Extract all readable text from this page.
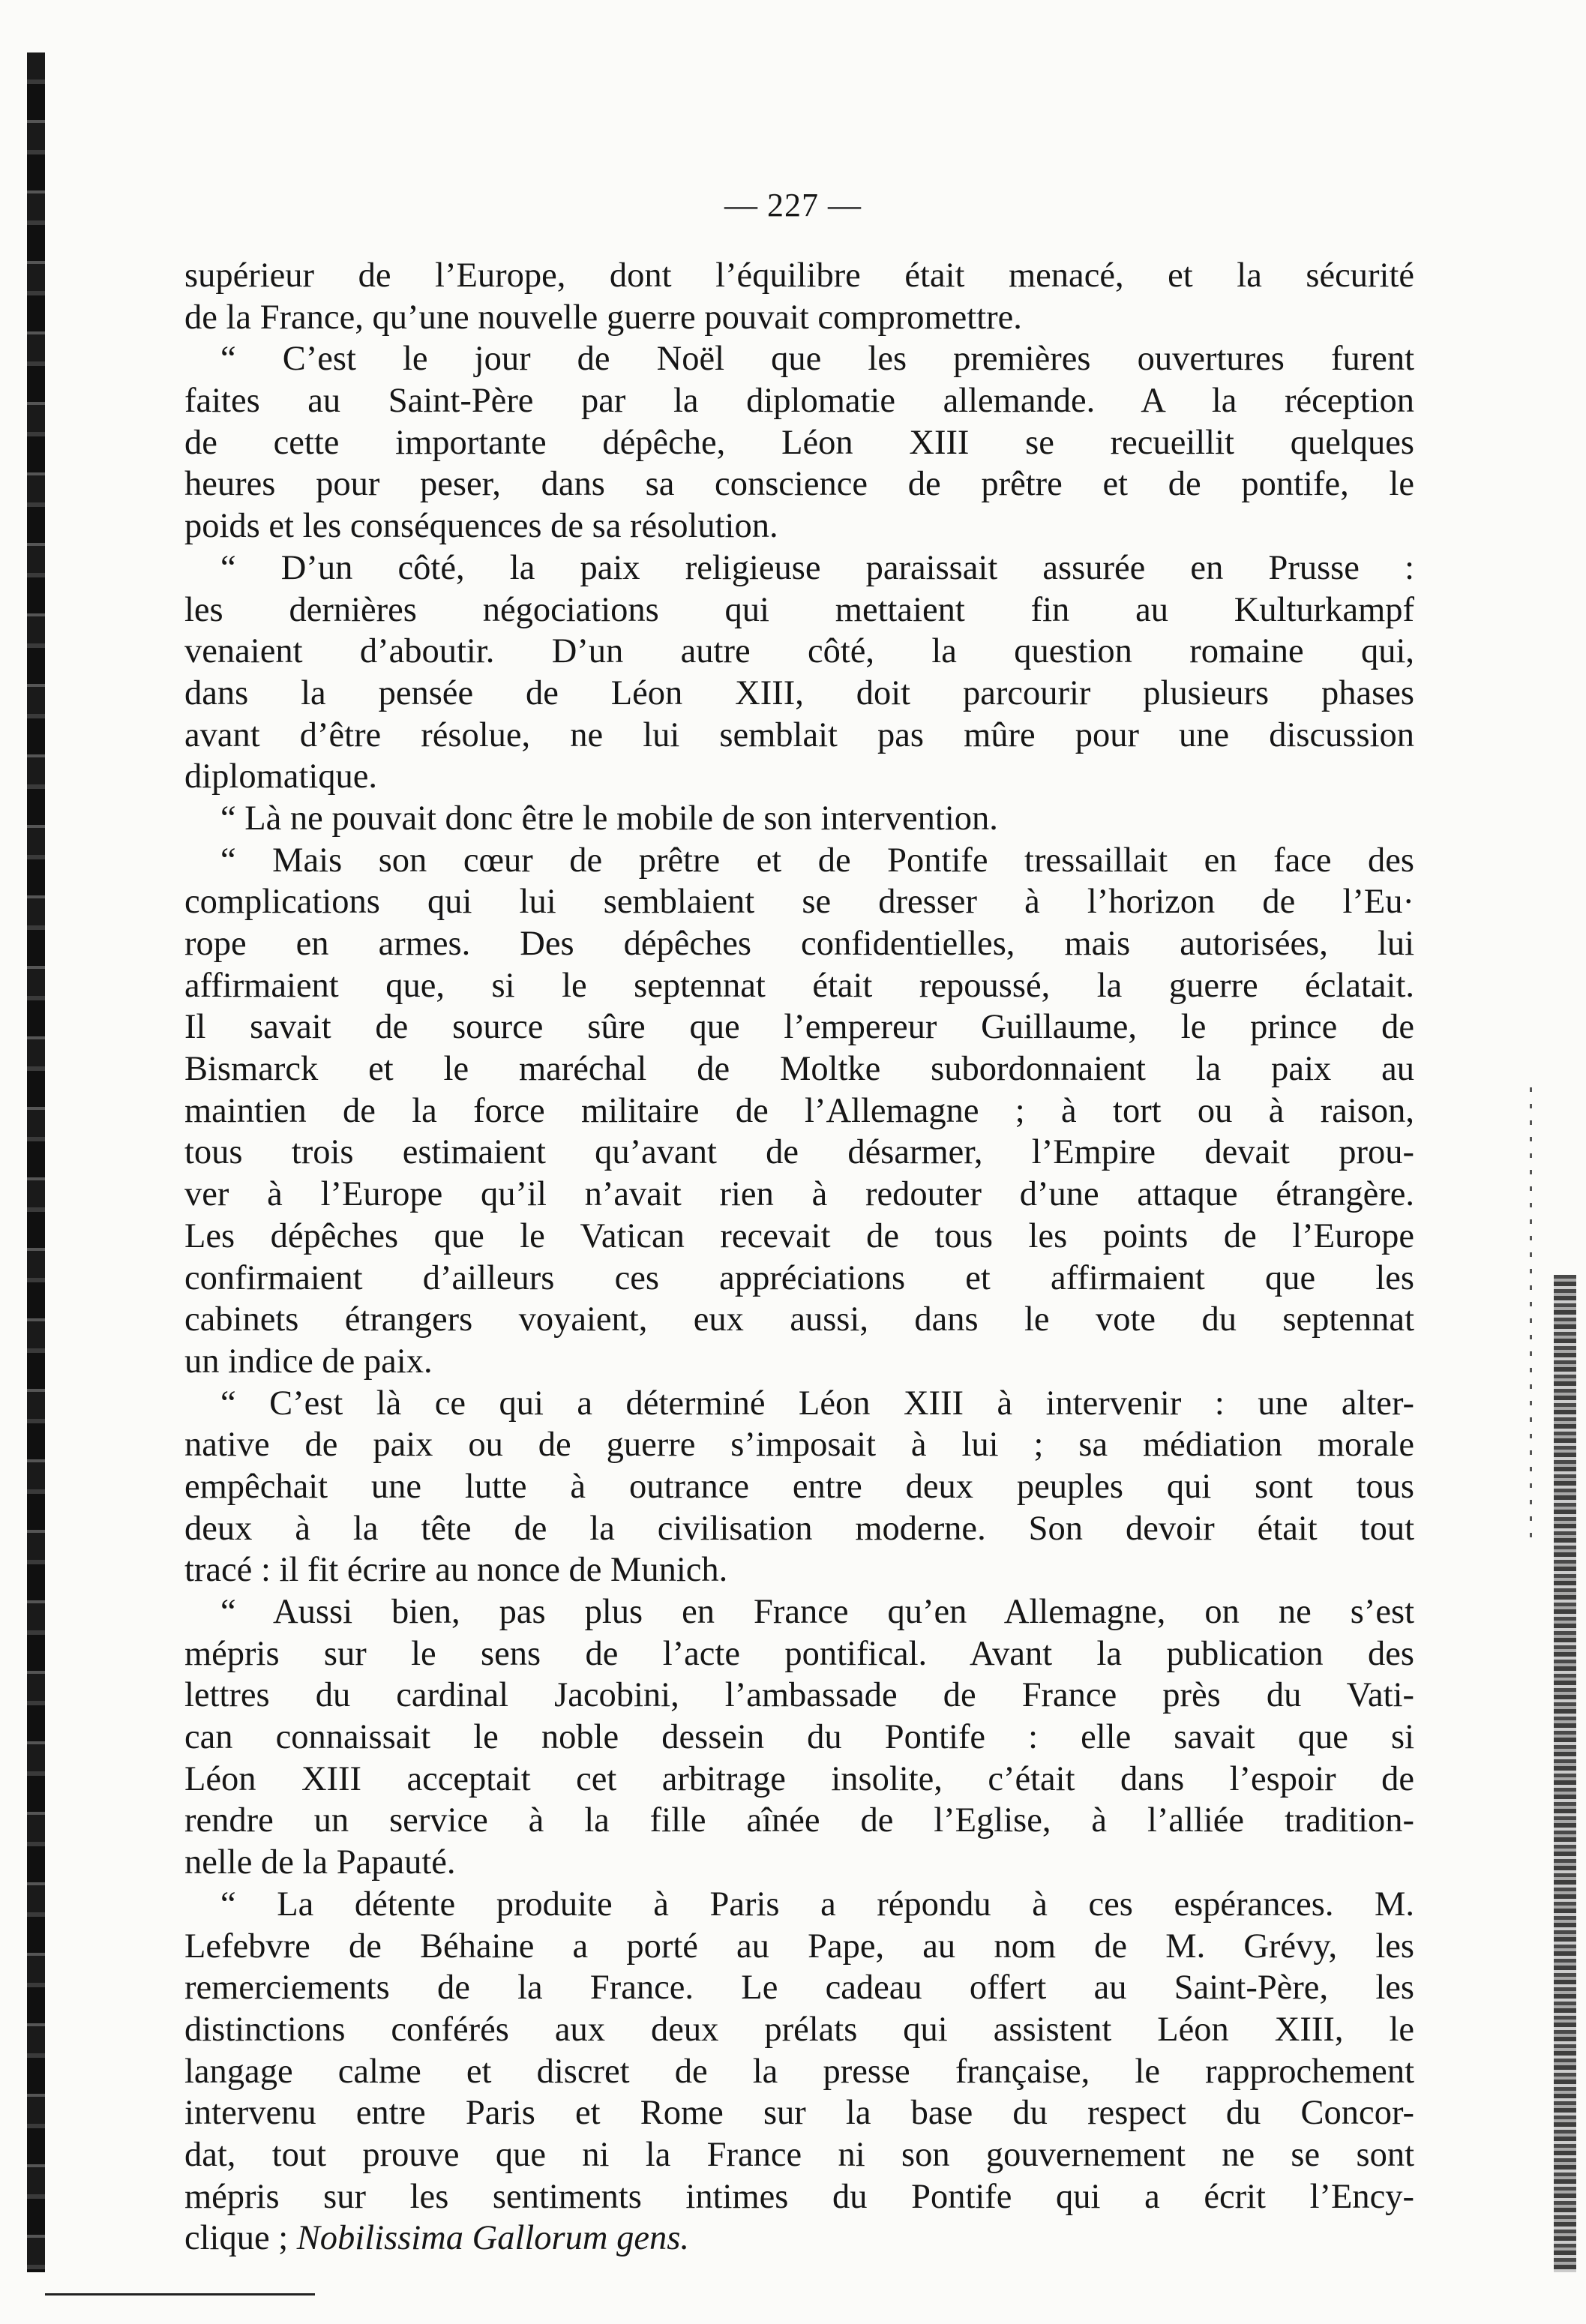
— 227 —
supérieur de l’Europe, dont l’équilibre était menacé, et la sécurité
de la France, qu’une nouvelle guerre pouvait compromettre.
“ C’est le jour de Noël que les premières ouvertures furent
faites au Saint-Père par la diplomatie allemande. A la réception
de cette importante dépêche, Léon XIII se recueillit quelques
heures pour peser, dans sa conscience de prêtre et de pontife, le
poids et les conséquences de sa résolution.
“ D’un côté, la paix religieuse paraissait assurée en Prusse :
les dernières négociations qui mettaient fin au Kulturkampf
venaient d’aboutir. D’un autre côté, la question romaine qui,
dans la pensée de Léon XIII, doit parcourir plusieurs phases
avant d’être résolue, ne lui semblait pas mûre pour une discussion
diplomatique.
“ Là ne pouvait donc être le mobile de son intervention.
“ Mais son cœur de prêtre et de Pontife tressaillait en face des
complications qui lui semblaient se dresser à l’horizon de l’Eu·
rope en armes. Des dépêches confidentielles, mais autorisées, lui
affirmaient que, si le septennat était repoussé, la guerre éclatait.
Il savait de source sûre que l’empereur Guillaume, le prince de
Bismarck et le maréchal de Moltke subordonnaient la paix au
maintien de la force militaire de l’Allemagne ; à tort ou à raison,
tous trois estimaient qu’avant de désarmer, l’Empire devait prou-
ver à l’Europe qu’il n’avait rien à redouter d’une attaque étrangère.
Les dépêches que le Vatican recevait de tous les points de l’Europe
confirmaient d’ailleurs ces appréciations et affirmaient que les
cabinets étrangers voyaient, eux aussi, dans le vote du septennat
un indice de paix.
“ C’est là ce qui a déterminé Léon XIII à intervenir : une alter-
native de paix ou de guerre s’imposait à lui ; sa médiation morale
empêchait une lutte à outrance entre deux peuples qui sont tous
deux à la tête de la civilisation moderne. Son devoir était tout
tracé : il fit écrire au nonce de Munich.
“ Aussi bien, pas plus en France qu’en Allemagne, on ne s’est
mépris sur le sens de l’acte pontifical. Avant la publication des
lettres du cardinal Jacobini, l’ambassade de France près du Vati-
can connaissait le noble dessein du Pontife : elle savait que si
Léon XIII acceptait cet arbitrage insolite, c’était dans l’espoir de
rendre un service à la fille aînée de l’Eglise, à l’alliée tradition-
nelle de la Papauté.
“ La détente produite à Paris a répondu à ces espérances. M.
Lefebvre de Béhaine a porté au Pape, au nom de M. Grévy, les
remerciements de la France. Le cadeau offert au Saint-Père, les
distinctions conférés aux deux prélats qui assistent Léon XIII, le
langage calme et discret de la presse française, le rapprochement
intervenu entre Paris et Rome sur la base du respect du Concor-
dat, tout prouve que ni la France ni son gouvernement ne se sont
mépris sur les sentiments intimes du Pontife qui a écrit l’Ency-
clique ; Nobilissima Gallorum gens.
